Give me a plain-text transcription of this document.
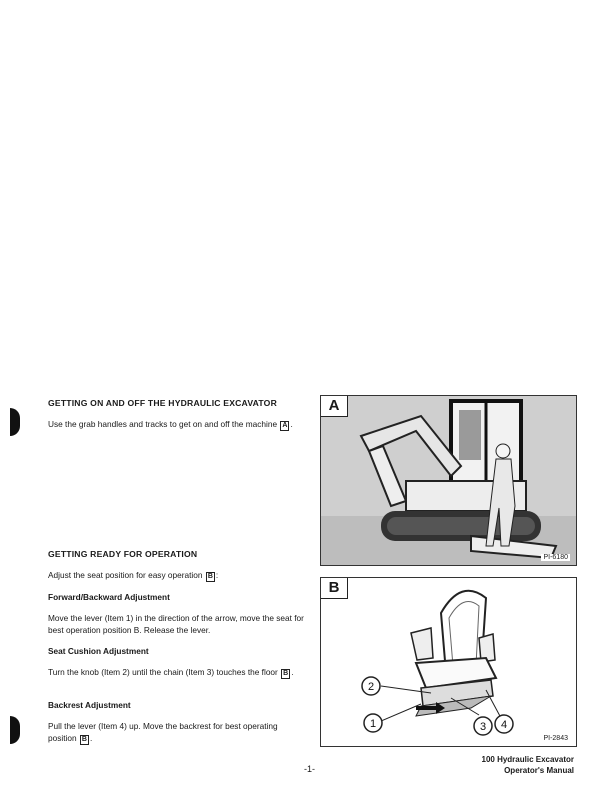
GETTING ON AND OFF THE HYDRAULIC EXCAVATOR
Use the grab handles and tracks to get on and off the machine A .
GETTING READY FOR OPERATION
Adjust the seat position for easy operation B :
Forward/Backward Adjustment
Move the lever (Item 1) in the direction of the arrow, move the seat for best operation position B. Release the lever.
Seat Cushion Adjustment
Turn the knob (Item 2) until the chain (Item 3) touches the floor B .
Backrest Adjustment
Pull the lever (Item 4) up. Move the backrest for best operating position B .
A
PI-6180
2
1	3 4
B
PI-2843
-1-
100 Hydraulic Excavator
Operator's Manual
